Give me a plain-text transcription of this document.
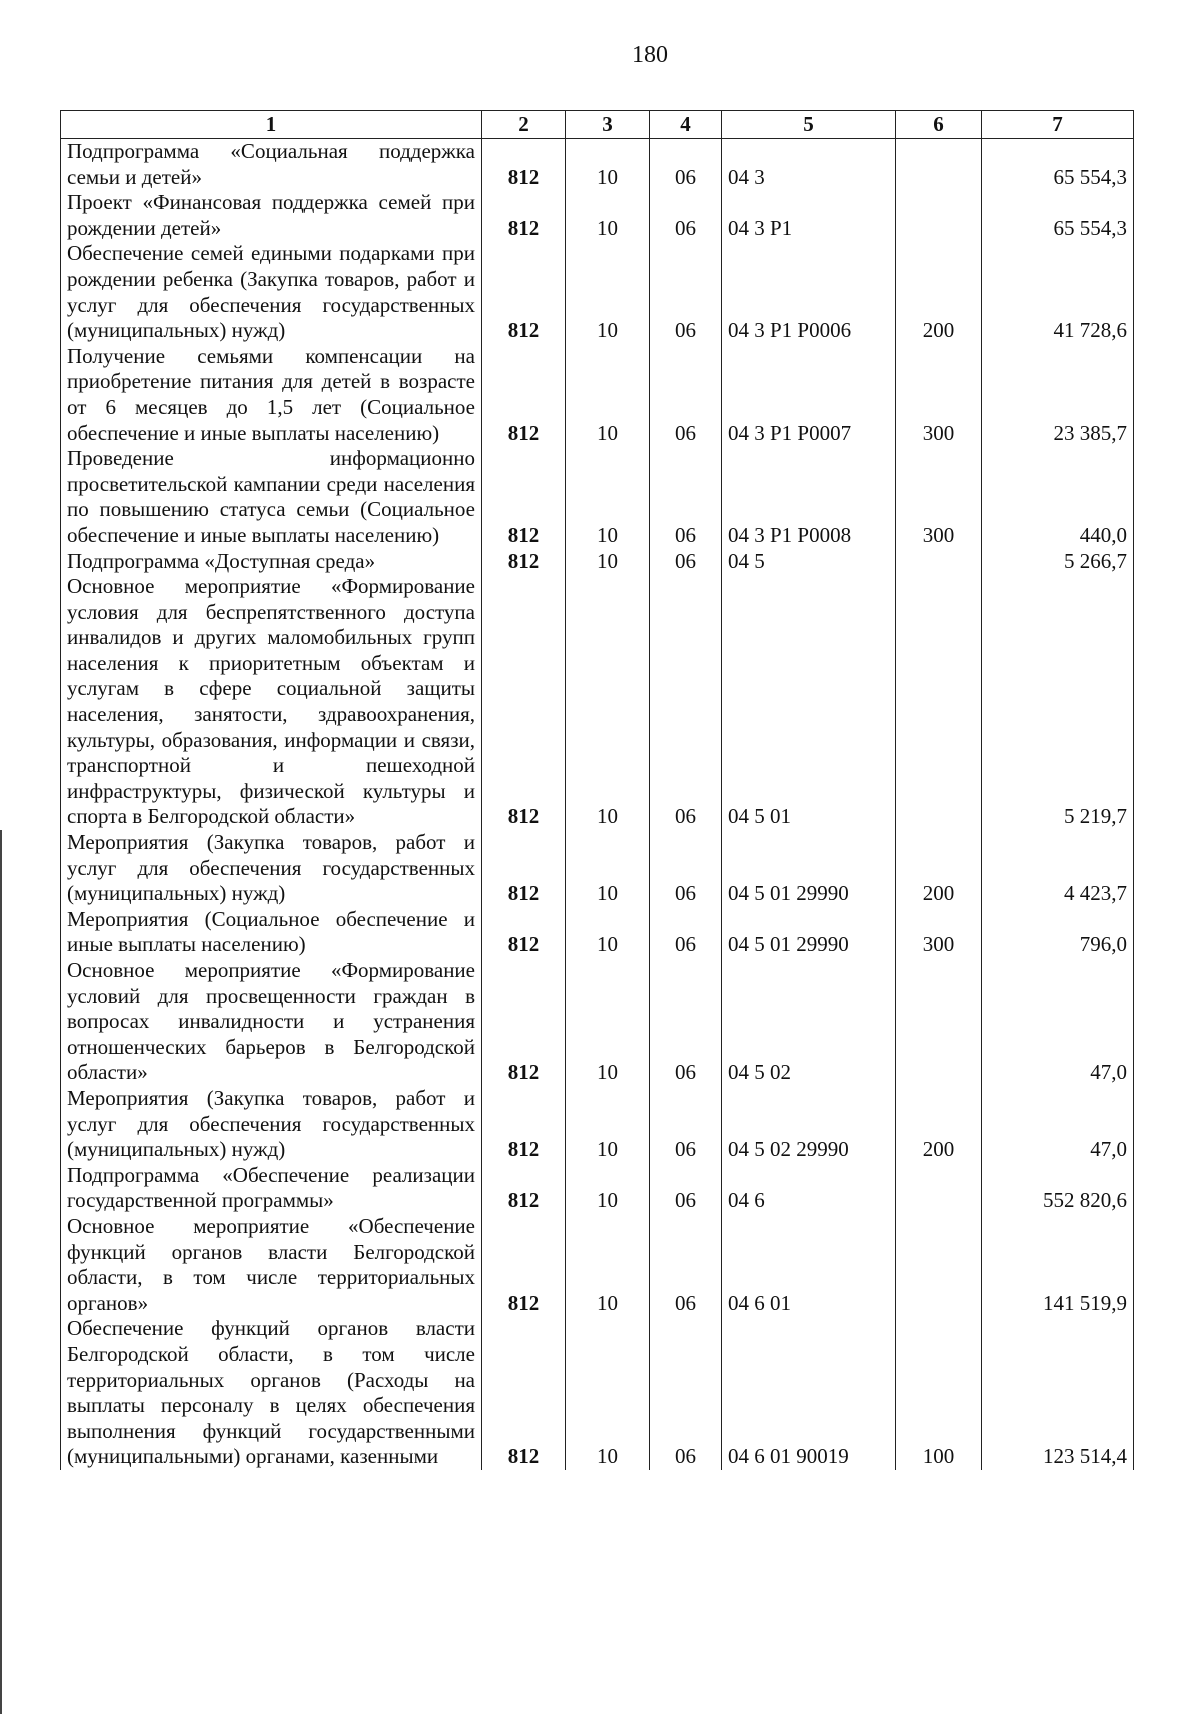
180
1	2	3	4	5	6	7
Подпрограмма «Социальная поддержка семьи и детей»	812	10	06	04 3		65 554,3
Проект «Финансовая поддержка семей при рождении детей»	812	10	06	04 3 P1		65 554,3
Обеспечение семей едиными подарками при рождении ребенка (Закупка товаров, работ и услуг для обеспечения государственных (муниципальных) нужд)	812	10	06	04 3 P1 P0006	200	41 728,6
Получение семьями компенсации на приобретение питания для детей в возрасте от 6 месяцев до 1,5 лет (Социальное обеспечение и иные выплаты населению)	812	10	06	04 3 P1 P0007	300	23 385,7
Проведение информационно просветительской кампании среди населения по повышению статуса семьи (Социальное обеспечение и иные выплаты населению)	812	10	06	04 3 P1 P0008	300	440,0
Подпрограмма «Доступная среда»	812	10	06	04 5		5 266,7
Основное мероприятие «Формирование условия для беспрепятственного доступа инвалидов и других маломобильных групп населения к приоритетным объектам и услугам в сфере социальной защиты населения, занятости, здравоохранения, культуры, образования, информации и связи, транспортной и пешеходной инфраструктуры, физической культуры и спорта в Белгородской области»	812	10	06	04 5 01		5 219,7
Мероприятия (Закупка товаров, работ и услуг для обеспечения государственных (муниципальных) нужд)	812	10	06	04 5 01 29990	200	4 423,7
Мероприятия (Социальное обеспечение и иные выплаты населению)	812	10	06	04 5 01 29990	300	796,0
Основное мероприятие «Формирование условий для просвещенности граждан в вопросах инвалидности и устранения отношенческих барьеров в Белгородской области»	812	10	06	04 5 02		47,0
Мероприятия (Закупка товаров, работ и услуг для обеспечения государственных (муниципальных) нужд)	812	10	06	04 5 02 29990	200	47,0
Подпрограмма «Обеспечение реализации государственной программы»	812	10	06	04 6		552 820,6
Основное мероприятие «Обеспечение функций органов власти Белгородской области, в том числе территориальных органов»	812	10	06	04 6 01		141 519,9
Обеспечение функций органов власти Белгородской области, в том числе территориальных органов (Расходы на выплаты персоналу в целях обеспечения выполнения функций государственными (муниципальными) органами, казенными	812	10	06	04 6 01 90019	100	123 514,4
